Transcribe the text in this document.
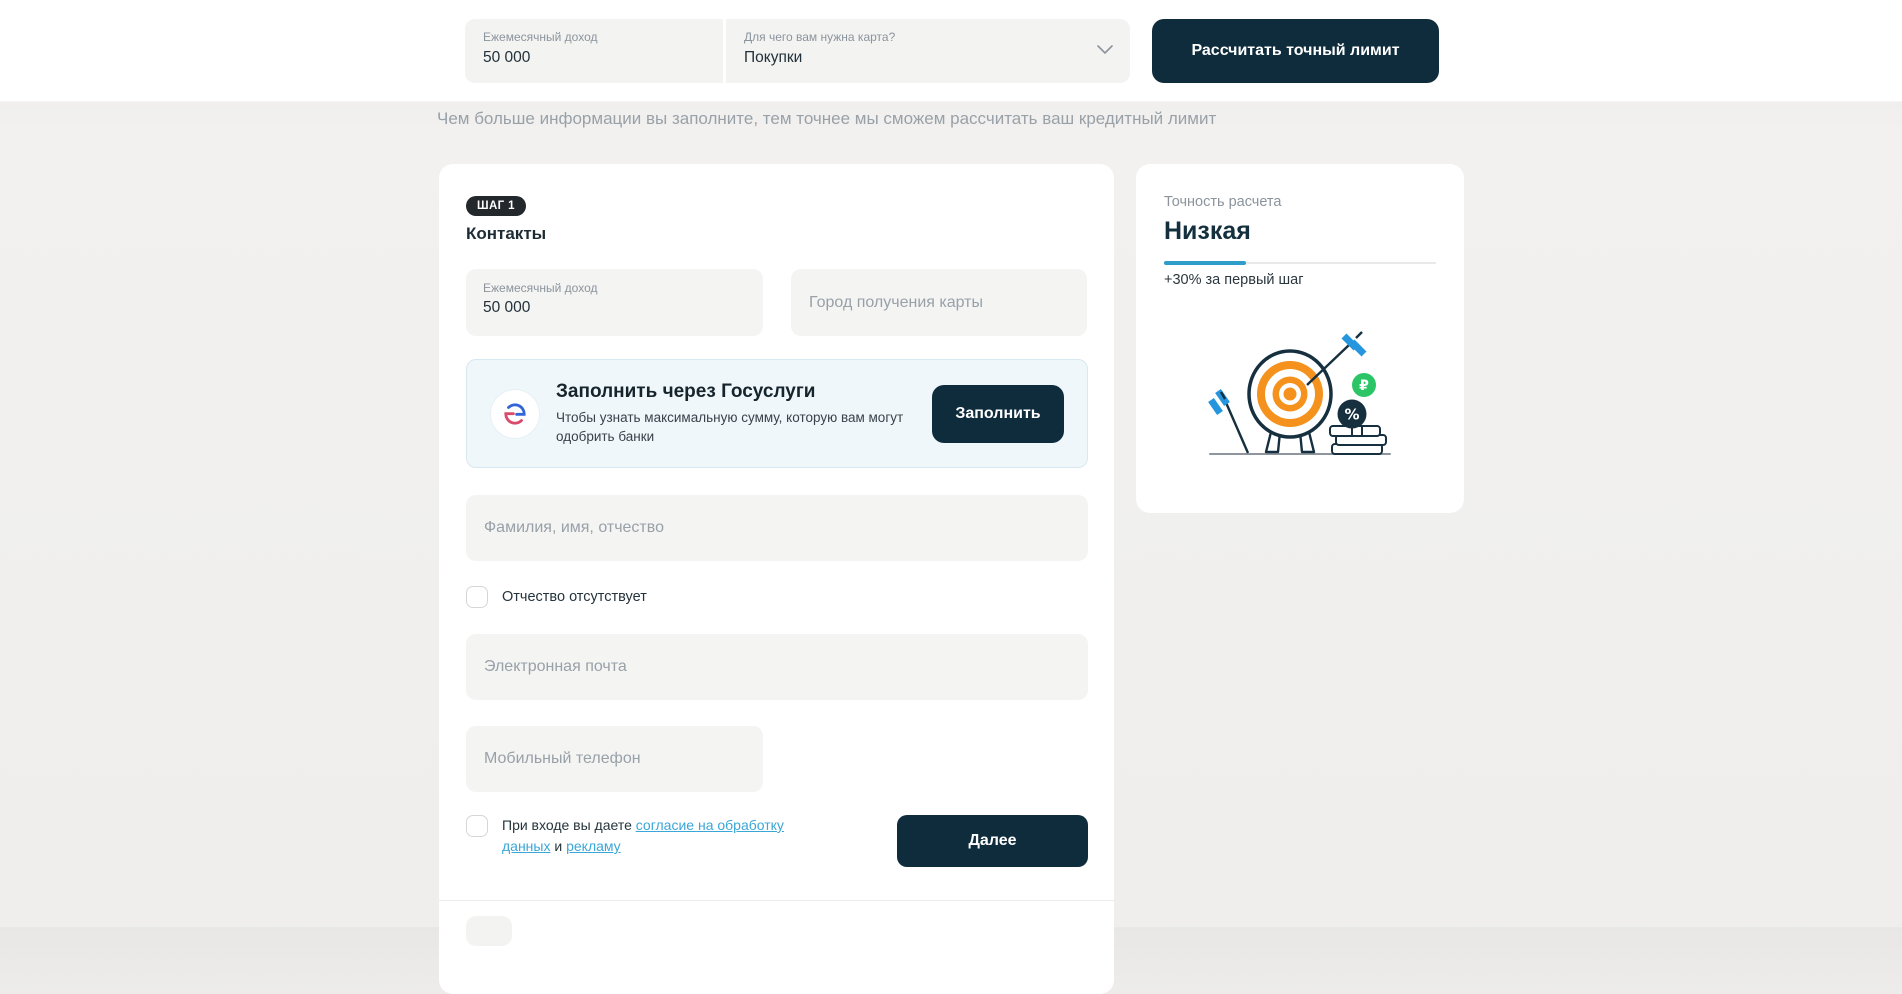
Ежемесячный доход
50 000
Для чего вам нужна карта?
Покупки	Рассчитать точный лимит
Чем больше информации вы заполните, тем точнее мы сможем рассчитать ваш кредитный лимит
ШАГ 1
Контакты
Ежемесячный доход
50 000
Город получения карты
Заполнить через Госуслуги
Чтобы узнать максимальную сумму, которую вам могут одобрить банки
Заполнить
Фамилия, имя, отчество
Отчество отсутствует
Электронная почта
Мобильный телефон
При входе вы даете согласие на обработку данных и рекламу	Далее
Точность расчета
Низкая
+30% за первый шаг
₽
%
